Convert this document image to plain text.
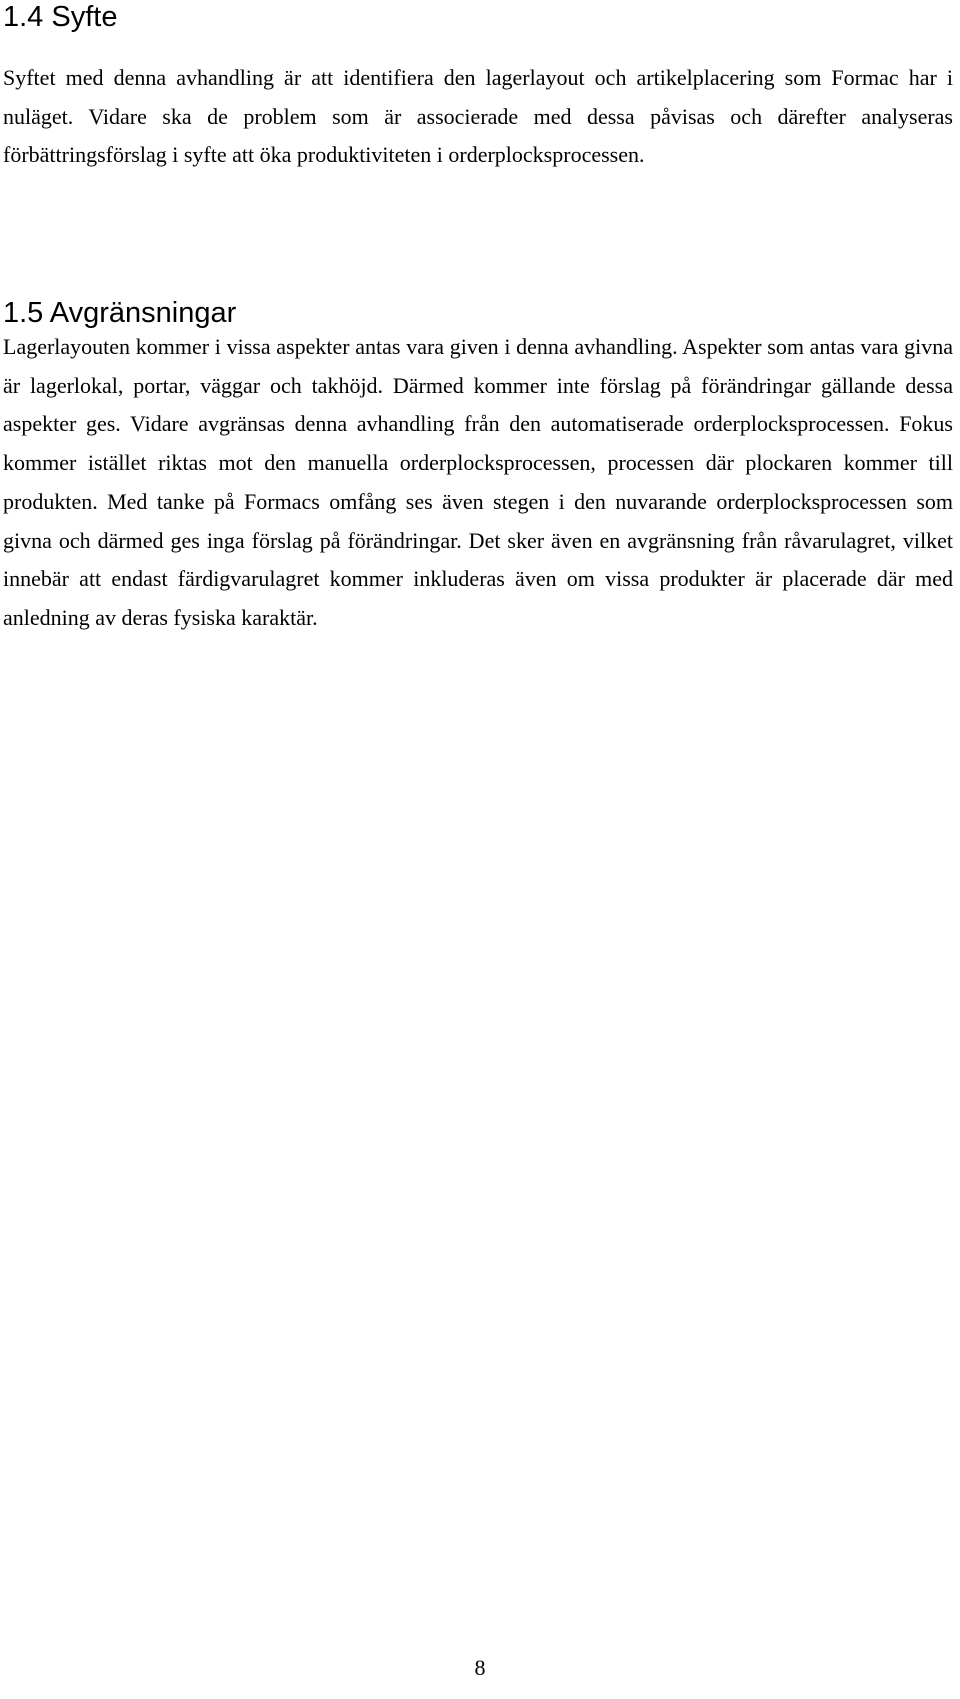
1.4 Syfte

Syftet med denna avhandling är att identifiera den lagerlayout och artikelplacering som Formac har i nuläget. Vidare ska de problem som är associerade med dessa påvisas och därefter analyseras förbättringsförslag i syfte att öka produktiviteten i orderplocksprocessen.

1.5 Avgränsningar

Lagerlayouten kommer i vissa aspekter antas vara given i denna avhandling. Aspekter som antas vara givna är lagerlokal, portar, väggar och takhöjd. Därmed kommer inte förslag på förändringar gällande dessa aspekter ges. Vidare avgränsas denna avhandling från den automatiserade orderplocksprocessen. Fokus kommer istället riktas mot den manuella orderplocksprocessen, processen där plockaren kommer till produkten. Med tanke på Formacs omfång ses även stegen i den nuvarande orderplocksprocessen som givna och därmed ges inga förslag på förändringar. Det sker även en avgränsning från råvarulagret, vilket innebär att endast färdigvarulagret kommer inkluderas även om vissa produkter är placerade där med anledning av deras fysiska karaktär.

8
